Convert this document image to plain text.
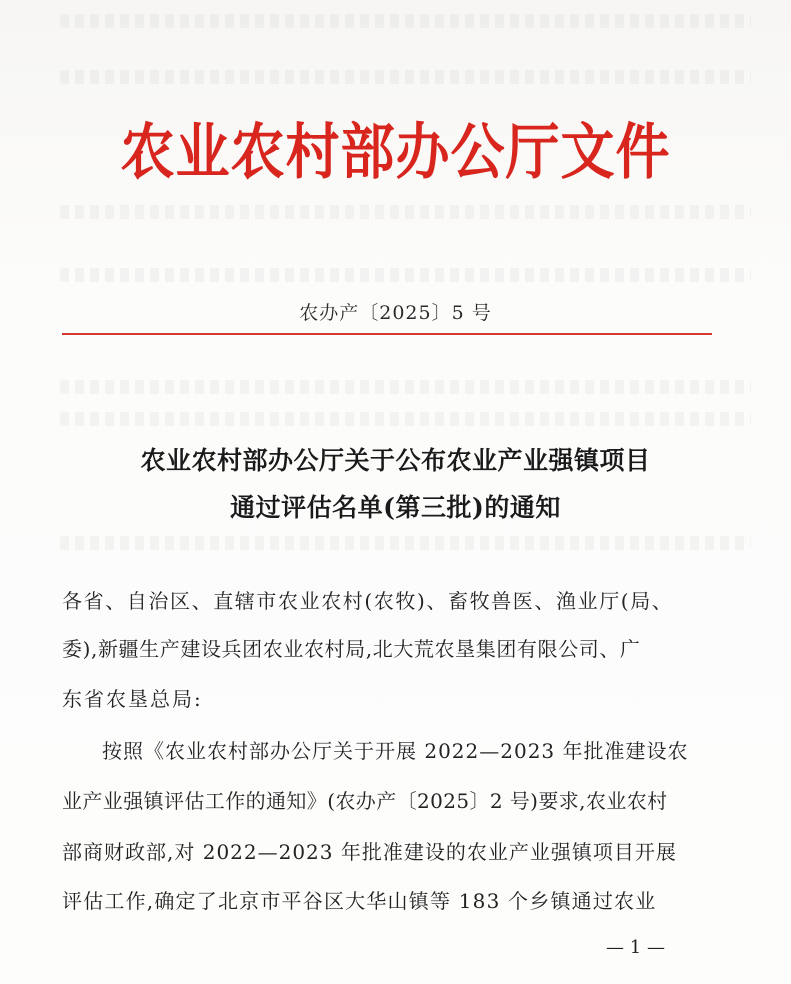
农业农村部办公厅文件
农办产〔2025〕5 号
农业农村部办公厅关于公布农业产业强镇项目
通过评估名单(第三批)的通知
各省、自治区、直辖市农业农村(农牧)、畜牧兽医、渔业厅(局、
委),新疆生产建设兵团农业农村局,北大荒农垦集团有限公司、广
东省农垦总局:
按照《农业农村部办公厅关于开展 2022—2023 年批准建设农
业产业强镇评估工作的通知》(农办产〔2025〕2 号)要求,农业农村
部商财政部,对 2022—2023 年批准建设的农业产业强镇项目开展
评估工作,确定了北京市平谷区大华山镇等 183 个乡镇通过农业
— 1 —
